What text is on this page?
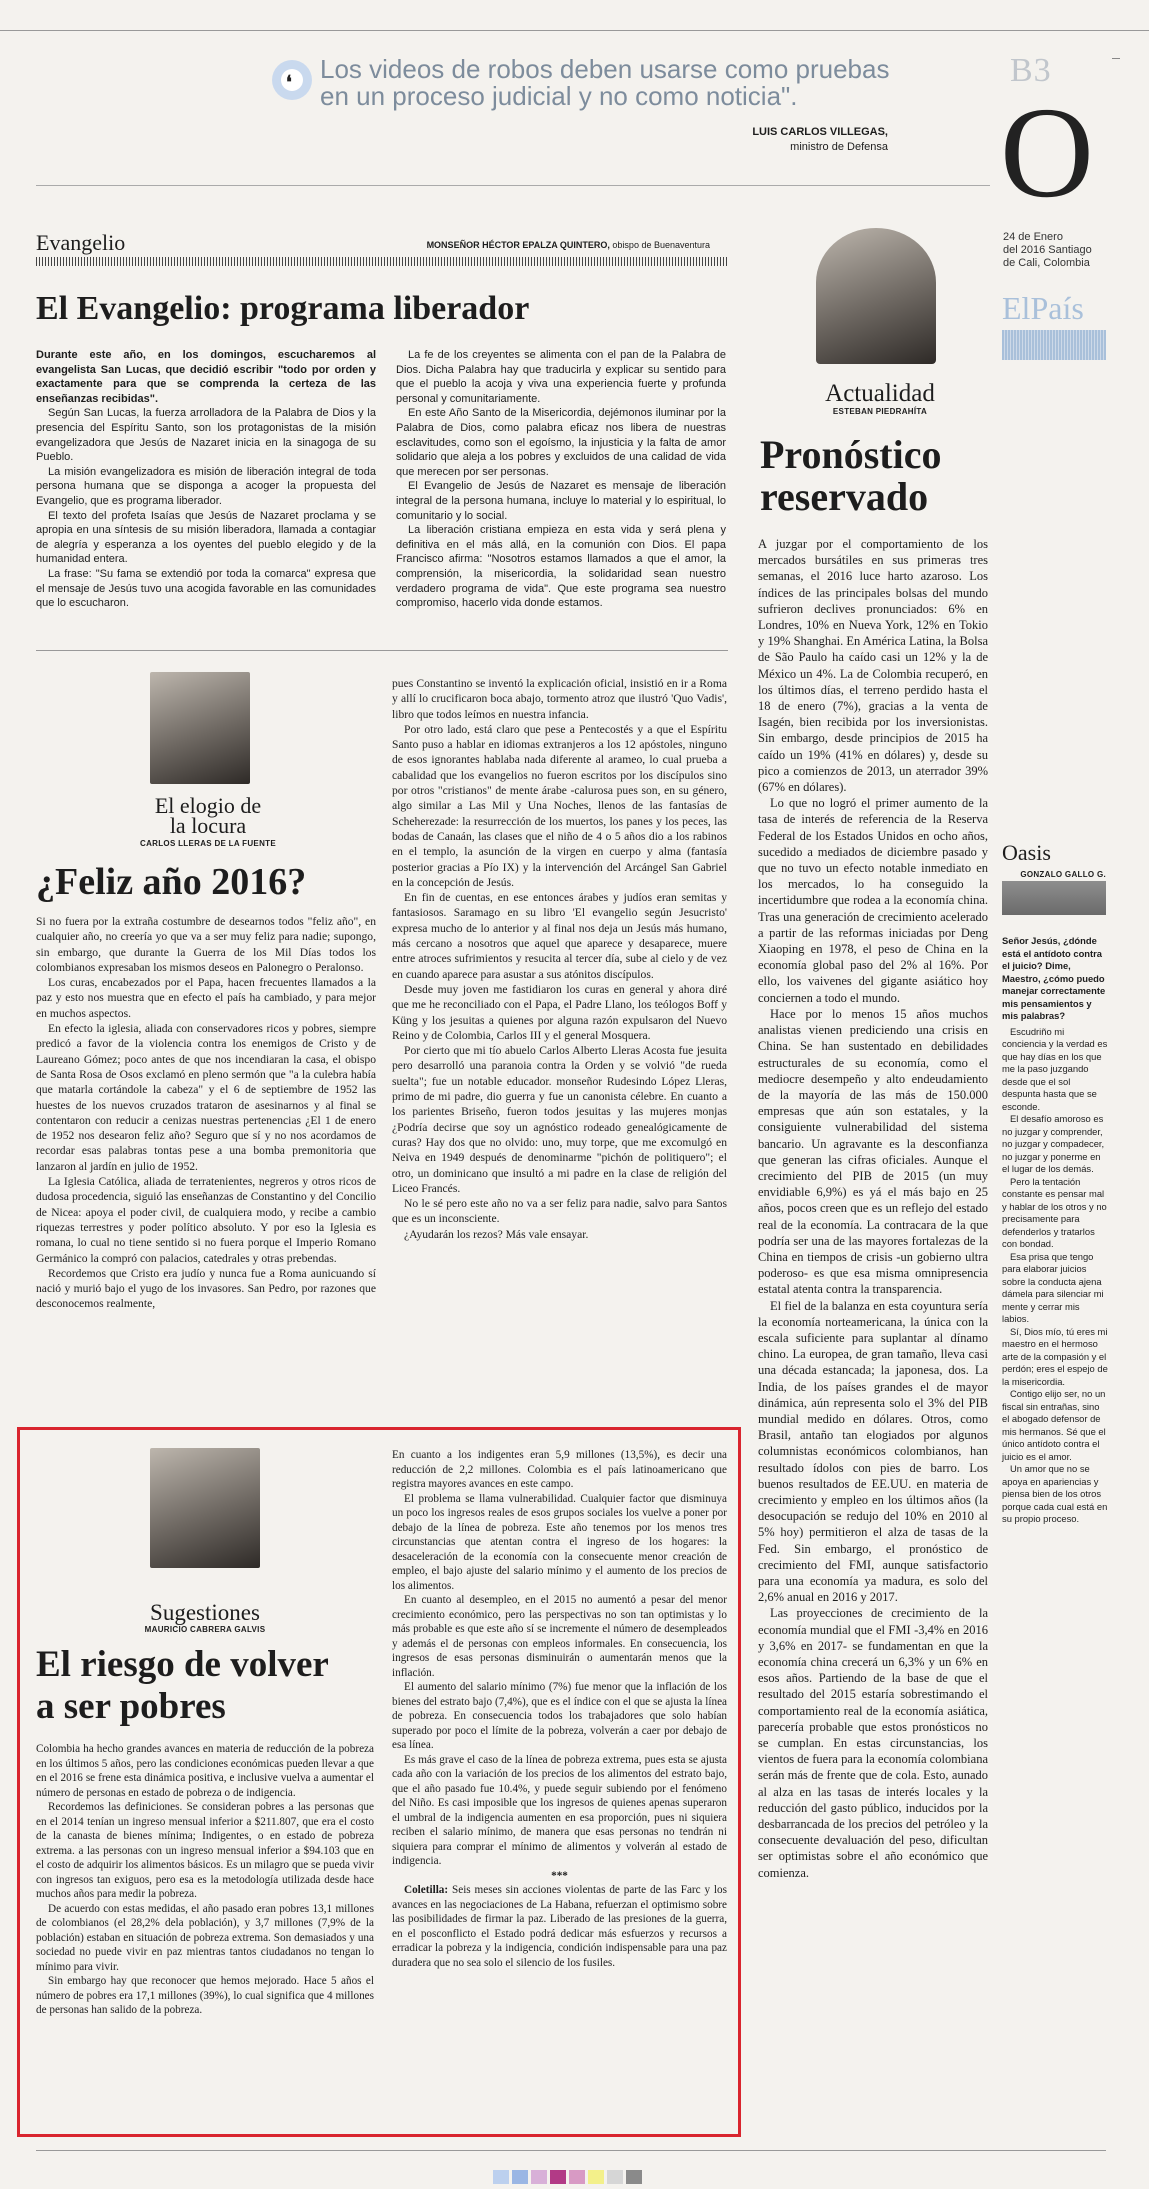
❛ Los videos de robos deben usarse como pruebas
en un proceso judicial y no como noticia".
LUIS CARLOS VILLEGAS,
ministro de Defensa
B3
O
24 de Enero
del 2016 Santiago
de Cali, Colombia
ElPaís
Evangelio	MONSEÑOR HÉCTOR EPALZA QUINTERO, obispo de Buenaventura
El Evangelio: programa liberador

Durante este año, en los domingos, escucharemos al evangelista San Lucas, que decidió escribir "todo por orden y exactamente para que se comprenda la certeza de las enseñanzas recibidas".

Según San Lucas, la fuerza arrolladora de la Palabra de Dios y la presencia del Espíritu Santo, son los protagonistas de la misión evangelizadora que Jesús de Nazaret inicia en la sinagoga de su Pueblo.

La misión evangelizadora es misión de liberación integral de toda persona humana que se disponga a acoger la propuesta del Evangelio, que es programa liberador.

El texto del profeta Isaías que Jesús de Nazaret proclama y se apropia en una síntesis de su misión liberadora, llamada a contagiar de alegría y esperanza a los oyentes del pueblo elegido y de la humanidad entera.

La frase: "Su fama se extendió por toda la comarca" expresa que el mensaje de Jesús tuvo una acogida favorable en las comunidades que lo escucharon.

La fe de los creyentes se alimenta con el pan de la Palabra de Dios. Dicha Palabra hay que traducirla y explicar su sentido para que el pueblo la acoja y viva una experiencia fuerte y profunda personal y comunitariamente.

En este Año Santo de la Misericordia, dejémonos iluminar por la Palabra de Dios, como palabra eficaz nos libera de nuestras esclavitudes, como son el egoísmo, la injusticia y la falta de amor solidario que aleja a los pobres y excluidos de una calidad de vida que merecen por ser personas.

El Evangelio de Jesús de Nazaret es mensaje de liberación integral de la persona humana, incluye lo material y lo espiritual, lo comunitario y lo social.

La liberación cristiana empieza en esta vida y será plena y definitiva en el más allá, en la comunión con Dios. El papa Francisco afirma: "Nosotros estamos llamados a que el amor, la comprensión, la misericordia, la solidaridad sean nuestro verdadero programa de vida". Que este programa sea nuestro compromiso, hacerlo vida donde estamos.

Actualidad
ESTEBAN PIEDRAHÍTA
Pronóstico
reservado

A juzgar por el comportamiento de los mercados bursátiles en sus primeras tres semanas, el 2016 luce harto azaroso. Los índices de las principales bolsas del mundo sufrieron declives pronunciados: 6% en Londres, 10% en Nueva York, 12% en Tokio y 19% Shanghai. En América Latina, la Bolsa de São Paulo ha caído casi un 12% y la de México un 4%. La de Colombia recuperó, en los últimos días, el terreno perdido hasta el 18 de enero (7%), gracias a la venta de Isagén, bien recibida por los inversionistas. Sin embargo, desde principios de 2015 ha caído un 19% (41% en dólares) y, desde su pico a comienzos de 2013, un aterrador 39% (67% en dólares).

Lo que no logró el primer aumento de la tasa de interés de referencia de la Reserva Federal de los Estados Unidos en ocho años, sucedido a mediados de diciembre pasado y que no tuvo un efecto notable inmediato en los mercados, lo ha conseguido la incertidumbre que rodea a la economía china. Tras una generación de crecimiento acelerado a partir de las reformas iniciadas por Deng Xiaoping en 1978, el peso de China en la economía global paso del 2% al 16%. Por ello, los vaivenes del gigante asiático hoy conciernen a todo el mundo.

Hace por lo menos 15 años muchos analistas vienen prediciendo una crisis en China. Se han sustentado en debilidades estructurales de su economía, como el mediocre desempeño y alto endeudamiento de la mayoría de las más de 150.000 empresas que aún son estatales, y la consiguiente vulnerabilidad del sistema bancario. Un agravante es la desconfianza que generan las cifras oficiales. Aunque el crecimiento del PIB de 2015 (un muy envidiable 6,9%) es yá el más bajo en 25 años, pocos creen que es un reflejo del estado real de la economía. La contracara de la que podría ser una de las mayores fortalezas de la China en tiempos de crisis -un gobierno ultra poderoso- es que esa misma omnipresencia estatal atenta contra la transparencia.

El fiel de la balanza en esta coyuntura sería la economía norteamericana, la única con la escala suficiente para suplantar al dínamo chino. La europea, de gran tamaño, lleva casi una década estancada; la japonesa, dos. La India, de los países grandes el de mayor dinámica, aún representa solo el 3% del PIB mundial medido en dólares. Otros, como Brasil, antaño tan elogiados por algunos columnistas económicos colombianos, han resultado ídolos con pies de barro. Los buenos resultados de EE.UU. en materia de crecimiento y empleo en los últimos años (la desocupación se redujo del 10% en 2010 al 5% hoy) permitieron el alza de tasas de la Fed. Sin embargo, el pronóstico de crecimiento del FMI, aunque satisfactorio para una economía ya madura, es solo del 2,6% anual en 2016 y 2017.

Las proyecciones de crecimiento de la economía mundial que el FMI -3,4% en 2016 y 3,6% en 2017- se fundamentan en que la economía china crecerá un 6,3% y un 6% en esos años. Partiendo de la base de que el resultado del 2015 estaría sobrestimando el comportamiento real de la economía asiática, parecería probable que estos pronósticos no se cumplan. En estas circunstancias, los vientos de fuera para la economía colombiana serán más de frente que de cola. Esto, aunado al alza en las tasas de interés locales y la reducción del gasto público, inducidos por la desbarrancada de los precios del petróleo y la consecuente devaluación del peso, dificultan ser optimistas sobre el año económico que comienza.

Oasis
GONZALO GALLO G.

Señor Jesús, ¿dónde está el antídoto contra el juicio? Dime, Maestro, ¿cómo puedo manejar correctamente mis pensamientos y mis palabras?

Escudriño mi conciencia y la verdad es que hay días en los que me la paso juzgando desde que el sol despunta hasta que se esconde.

El desafío amoroso es no juzgar y comprender, no juzgar y compadecer, no juzgar y ponerme en el lugar de los demás.

Pero la tentación constante es pensar mal y hablar de los otros y no precisamente para defenderlos y tratarlos con bondad.

Esa prisa que tengo para elaborar juicios sobre la conducta ajena dámela para silenciar mi mente y cerrar mis labios.

Sí, Dios mío, tú eres mi maestro en el hermoso arte de la compasión y el perdón; eres el espejo de la misericordia.

Contigo elijo ser, no un fiscal sin entrañas, sino el abogado defensor de mis hermanos. Sé que el único antídoto contra el juicio es el amor.

Un amor que no se apoya en apariencias y piensa bien de los otros porque cada cual está en su propio proceso.

El elogio de
la locura
CARLOS LLERAS DE LA FUENTE
¿Feliz año 2016?

Si no fuera por la extraña costumbre de desearnos todos "feliz año", en cualquier año, no creería yo que va a ser muy feliz para nadie; supongo, sin embargo, que durante la Guerra de los Mil Días todos los colombianos expresaban los mismos deseos en Palonegro o Peralonso.

Los curas, encabezados por el Papa, hacen frecuentes llamados a la paz y esto nos muestra que en efecto el país ha cambiado, y para mejor en muchos aspectos.

En efecto la iglesia, aliada con conservadores ricos y pobres, siempre predicó a favor de la violencia contra los enemigos de Cristo y de Laureano Gómez; poco antes de que nos incendiaran la casa, el obispo de Santa Rosa de Osos exclamó en pleno sermón que "a la culebra había que matarla cortándole la cabeza" y el 6 de septiembre de 1952 las huestes de los nuevos cruzados trataron de asesinarnos y al final se contentaron con reducir a cenizas nuestras pertenencias ¿El 1 de enero de 1952 nos desearon feliz año? Seguro que sí y no nos acordamos de recordar esas palabras tontas pese a una bomba premonitoria que lanzaron al jardín en julio de 1952.

La Iglesia Católica, aliada de terratenientes, negreros y otros ricos de dudosa procedencia, siguió las enseñanzas de Constantino y del Concilio de Nicea: apoya el poder civil, de cualquiera modo, y recibe a cambio riquezas terrestres y poder político absoluto. Y por eso la Iglesia es romana, lo cual no tiene sentido si no fuera porque el Imperio Romano Germánico la compró con palacios, catedrales y otras prebendas.

Recordemos que Cristo era judío y nunca fue a Roma aunicuando sí nació y murió bajo el yugo de los invasores. San Pedro, por razones que desconocemos realmente,

pues Constantino se inventó la explicación oficial, insistió en ir a Roma y allí lo crucificaron boca abajo, tormento atroz que ilustró 'Quo Vadis', libro que todos leímos en nuestra infancia.

Por otro lado, está claro que pese a Pentecostés y a que el Espíritu Santo puso a hablar en idiomas extranjeros a los 12 apóstoles, ninguno de esos ignorantes hablaba nada diferente al arameo, lo cual prueba a cabalidad que los evangelios no fueron escritos por los discípulos sino por otros "cristianos" de mente árabe -calurosa pues son, en su género, algo similar a Las Mil y Una Noches, llenos de las fantasías de Scheherezade: la resurrección de los muertos, los panes y los peces, las bodas de Canaán, las clases que el niño de 4 o 5 años dio a los rabinos en el templo, la asunción de la virgen en cuerpo y alma (fantasía posterior gracias a Pío IX) y la intervención del Arcángel San Gabriel en la concepción de Jesús.

En fin de cuentas, en ese entonces árabes y judíos eran semitas y fantasiosos. Saramago en su libro 'El evangelio según Jesucristo' expresa mucho de lo anterior y al final nos deja un Jesús más humano, más cercano a nosotros que aquel que aparece y desaparece, muere entre atroces sufrimientos y resucita al tercer día, sube al cielo y de vez en cuando aparece para asustar a sus atónitos discípulos.

Desde muy joven me fastidiaron los curas en general y ahora diré que me he reconciliado con el Papa, el Padre Llano, los teólogos Boff y Küng y los jesuitas a quienes por alguna razón expulsaron del Nuevo Reino y de Colombia, Carlos III y el general Mosquera.

Por cierto que mi tío abuelo Carlos Alberto Lleras Acosta fue jesuita pero desarrolló una paranoia contra la Orden y se volvió "de rueda suelta"; fue un notable educador. monseñor Rudesindo López Lleras, primo de mi padre, dio guerra y fue un canonista célebre. En cuanto a los parientes Briseño, fueron todos jesuitas y las mujeres monjas ¿Podría decirse que soy un agnóstico rodeado genealógicamente de curas? Hay dos que no olvido: uno, muy torpe, que me excomulgó en Neiva en 1949 después de denominarme "pichón de politiquero"; el otro, un dominicano que insultó a mi padre en la clase de religión del Liceo Francés.

No le sé pero este año no va a ser feliz para nadie, salvo para Santos que es un inconsciente.

¿Ayudarán los rezos? Más vale ensayar.

Sugestiones
MAURICIO CABRERA GALVIS
El riesgo de volver
a ser pobres

Colombia ha hecho grandes avances en materia de reducción de la pobreza en los últimos 5 años, pero las condiciones económicas pueden llevar a que en el 2016 se frene esta dinámica positiva, e inclusive vuelva a aumentar el número de personas en estado de pobreza o de indigencia.

Recordemos las definiciones. Se consideran pobres a las personas que en el 2014 tenían un ingreso mensual inferior a $211.807, que era el costo de la canasta de bienes mínima; Indigentes, o en estado de pobreza extrema. a las personas con un ingreso mensual inferior a $94.103 que en el costo de adquirir los alimentos básicos. Es un milagro que se pueda vivir con ingresos tan exiguos, pero esa es la metodología utilizada desde hace muchos años para medir la pobreza.

De acuerdo con estas medidas, el año pasado eran pobres 13,1 millones de colombianos (el 28,2% dela población), y 3,7 millones (7,9% de la población) estaban en situación de pobreza extrema. Son demasiados y una sociedad no puede vivir en paz mientras tantos ciudadanos no tengan lo mínimo para vivir.

Sin embargo hay que reconocer que hemos mejorado. Hace 5 años el número de pobres era 17,1 millones (39%), lo cual significa que 4 millones de personas han salido de la pobreza.

En cuanto a los indigentes eran 5,9 millones (13,5%), es decir una reducción de 2,2 millones. Colombia es el país latinoamericano que registra mayores avances en este campo.

El problema se llama vulnerabilidad. Cualquier factor que disminuya un poco los ingresos reales de esos grupos sociales los vuelve a poner por debajo de la línea de pobreza. Este año tenemos por los menos tres circunstancias que atentan contra el ingreso de los hogares: la desaceleración de la economía con la consecuente menor creación de empleo, el bajo ajuste del salario mínimo y el aumento de los precios de los alimentos.

En cuanto al desempleo, en el 2015 no aumentó a pesar del menor crecimiento económico, pero las perspectivas no son tan optimistas y lo más probable es que este año sí se incremente el número de desempleados y además el de personas con empleos informales. En consecuencia, los ingresos de esas personas disminuirán o aumentarán menos que la inflación.

El aumento del salario mínimo (7%) fue menor que la inflación de los bienes del estrato bajo (7,4%), que es el índice con el que se ajusta la línea de pobreza. En consecuencia todos los trabajadores que solo habían superado por poco el límite de la pobreza, volverán a caer por debajo de esa línea.

Es más grave el caso de la línea de pobreza extrema, pues esta se ajusta cada año con la variación de los precios de los alimentos del estrato bajo, que el año pasado fue 10.4%, y puede seguir subiendo por el fenómeno del Niño. Es casi imposible que los ingresos de quienes apenas superaron el umbral de la indigencia aumenten en esa proporción, pues ni siquiera reciben el salario mínimo, de manera que esas personas no tendrán ni siquiera para comprar el mínimo de alimentos y volverán al estado de indigencia.

***

Coletilla: Seis meses sin acciones violentas de parte de las Farc y los avances en las negociaciones de La Habana, refuerzan el optimismo sobre las posibilidades de firmar la paz. Liberado de las presiones de la guerra, en el posconflicto el Estado podrá dedicar más esfuerzos y recursos a erradicar la pobreza y la indigencia, condición indispensable para una paz duradera que no sea solo el silencio de los fusiles.
